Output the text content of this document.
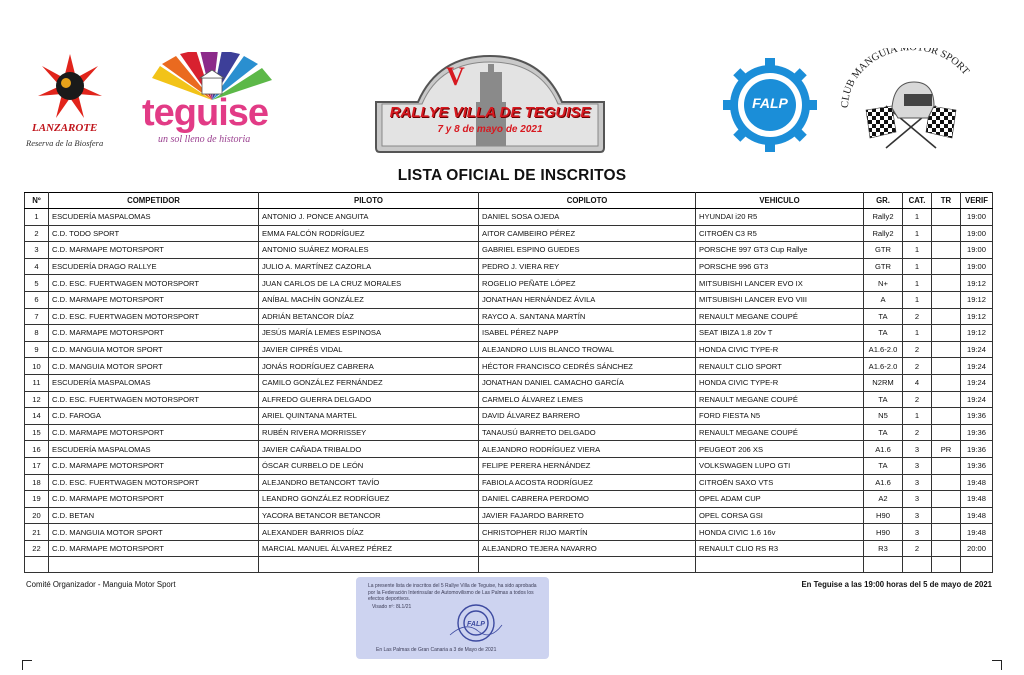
LANZAROTE
Reserva de la Biosfera
teguise
un sol lleno de historia
V
RALLYE VILLA DE TEGUISE
7 y 8 de mayo de 2021
FALP	CLUB MANGUIA M TOR SPORT
LISTA OFICIAL DE INSCRITOS
Nº	COMPETIDOR	PILOTO	COPILOTO	VEHICULO	GR.	CAT.	TR	VERIF
1	ESCUDERÍA MASPALOMAS	ANTONIO J. PONCE ANGUITA	DANIEL SOSA OJEDA	HYUNDAI i20 R5	Rally2	1		19:00
2	C.D. TODO SPORT	EMMA FALCÓN RODRÍGUEZ	AITOR CAMBEIRO PÉREZ	CITROËN C3 R5	Rally2	1		19:00
3	C.D. MARMAPE MOTORSPORT	ANTONIO SUÁREZ MORALES	GABRIEL ESPINO GUEDES	PORSCHE 997 GT3 Cup Rallye	GTR	1		19:00
4	ESCUDERÍA DRAGO RALLYE	JULIO A. MARTÍNEZ CAZORLA	PEDRO J. VIERA REY	PORSCHE 996 GT3	GTR	1		19:00
5	C.D. ESC. FUERTWAGEN MOTORSPORT	JUAN CARLOS DE LA CRUZ MORALES	ROGELIO PEÑATE LÓPEZ	MITSUBISHI LANCER EVO IX	N+	1		19:12
6	C.D. MARMAPE MOTORSPORT	ANÍBAL MACHÍN GONZÁLEZ	JONATHAN HERNÁNDEZ ÁVILA	MITSUBISHI LANCER EVO VIII	A	1		19:12
7	C.D. ESC. FUERTWAGEN MOTORSPORT	ADRIÁN BETANCOR DÍAZ	RAYCO A. SANTANA MARTÍN	RENAULT MEGANE COUPÉ	TA	2		19:12
8	C.D. MARMAPE MOTORSPORT	JESÚS MARÍA LEMES ESPINOSA	ISABEL PÉREZ NAPP	SEAT IBIZA 1.8 20v T	TA	1		19:12
9	C.D. MANGUIA MOTOR SPORT	JAVIER CIPRÉS VIDAL	ALEJANDRO LUIS BLANCO TROWAL	HONDA CIVIC TYPE-R	A1.6-2.0	2		19:24
10	C.D. MANGUIA MOTOR SPORT	JONÁS RODRÍGUEZ CABRERA	HÉCTOR FRANCISCO CEDRÉS SÁNCHEZ	RENAULT CLIO SPORT	A1.6-2.0	2		19:24
11	ESCUDERÍA MASPALOMAS	CAMILO GONZÁLEZ FERNÁNDEZ	JONATHAN DANIEL CAMACHO GARCÍA	HONDA CIVIC TYPE-R	N2RM	4		19:24
12	C.D. ESC. FUERTWAGEN MOTORSPORT	ALFREDO GUERRA DELGADO	CARMELO ÁLVAREZ LEMES	RENAULT MEGANE COUPÉ	TA	2		19:24
14	C.D. FAROGA	ARIEL QUINTANA MARTEL	DAVID ÁLVAREZ BARRERO	FORD FIESTA N5	N5	1		19:36
15	C.D. MARMAPE MOTORSPORT	RUBÉN RIVERA MORRISSEY	TANAUSÚ BARRETO DELGADO	RENAULT MEGANE COUPÉ	TA	2		19:36
16	ESCUDERÍA MASPALOMAS	JAVIER CAÑADA TRIBALDO	ALEJANDRO RODRÍGUEZ VIERA	PEUGEOT 206 XS	A1.6	3	PR	19:36
17	C.D. MARMAPE MOTORSPORT	ÓSCAR CURBELO DE LEÓN	FELIPE PERERA HERNÁNDEZ	VOLKSWAGEN LUPO GTI	TA	3		19:36
18	C.D. ESC. FUERTWAGEN MOTORSPORT	ALEJANDRO BETANCORT TAVÍO	FABIOLA ACOSTA RODRÍGUEZ	CITROËN SAXO VTS	A1.6	3		19:48
19	C.D. MARMAPE MOTORSPORT	LEANDRO GONZÁLEZ RODRÍGUEZ	DANIEL CABRERA PERDOMO	OPEL ADAM CUP	A2	3		19:48
20	C.D. BETAN	YACORA BETANCOR BETANCOR	JAVIER FAJARDO BARRETO	OPEL CORSA GSI	H90	3		19:48
21	C.D. MANGUIA MOTOR SPORT	ALEXANDER BARRIOS DÍAZ	CHRISTOPHER RIJO MARTÍN	HONDA CIVIC 1.6 16v	H90	3		19:48
22	C.D. MARMAPE MOTORSPORT	MARCIAL MANUEL ÁLVAREZ PÉREZ	ALEJANDRO TEJERA NAVARRO	RENAULT CLIO RS R3	R3	2		20:00

Comité Organizador - Manguia Motor Sport	En Teguise a las 19:00 horas del 5 de mayo de 2021
La presente lista de inscritos del 5 Rallye Villa de Teguise, ha sido aprobada por la Federación Interinsular de Automovilismo de Las Palmas a todos los efectos deportivos.
Visado nº: 8L1/21
FALP
En Las Palmas de Gran Canaria a 3 de Mayo de 2021
